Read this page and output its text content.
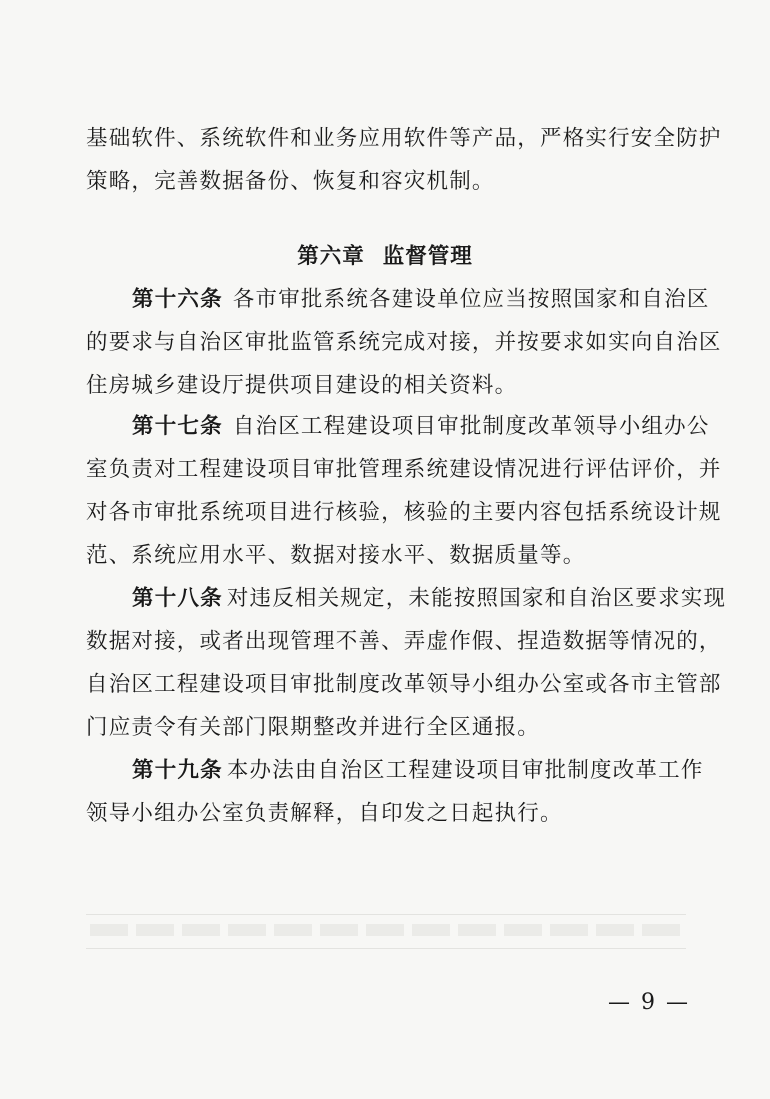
基础软件、系统软件和业务应用软件等产品，严格实行安全防护
策略，完善数据备份、恢复和容灾机制。
第六章 监督管理
第十六条 各市审批系统各建设单位应当按照国家和自治区
的要求与自治区审批监管系统完成对接，并按要求如实向自治区
住房城乡建设厅提供项目建设的相关资料。
第十七条 自治区工程建设项目审批制度改革领导小组办公
室负责对工程建设项目审批管理系统建设情况进行评估评价，并
对各市审批系统项目进行核验，核验的主要内容包括系统设计规
范、系统应用水平、数据对接水平、数据质量等。
第十八条 对违反相关规定，未能按照国家和自治区要求实现
数据对接，或者出现管理不善、弄虚作假、捏造数据等情况的，
自治区工程建设项目审批制度改革领导小组办公室或各市主管部
门应责令有关部门限期整改并进行全区通报。
第十九条 本办法由自治区工程建设项目审批制度改革工作
领导小组办公室负责解释，自印发之日起执行。
— 9 —
